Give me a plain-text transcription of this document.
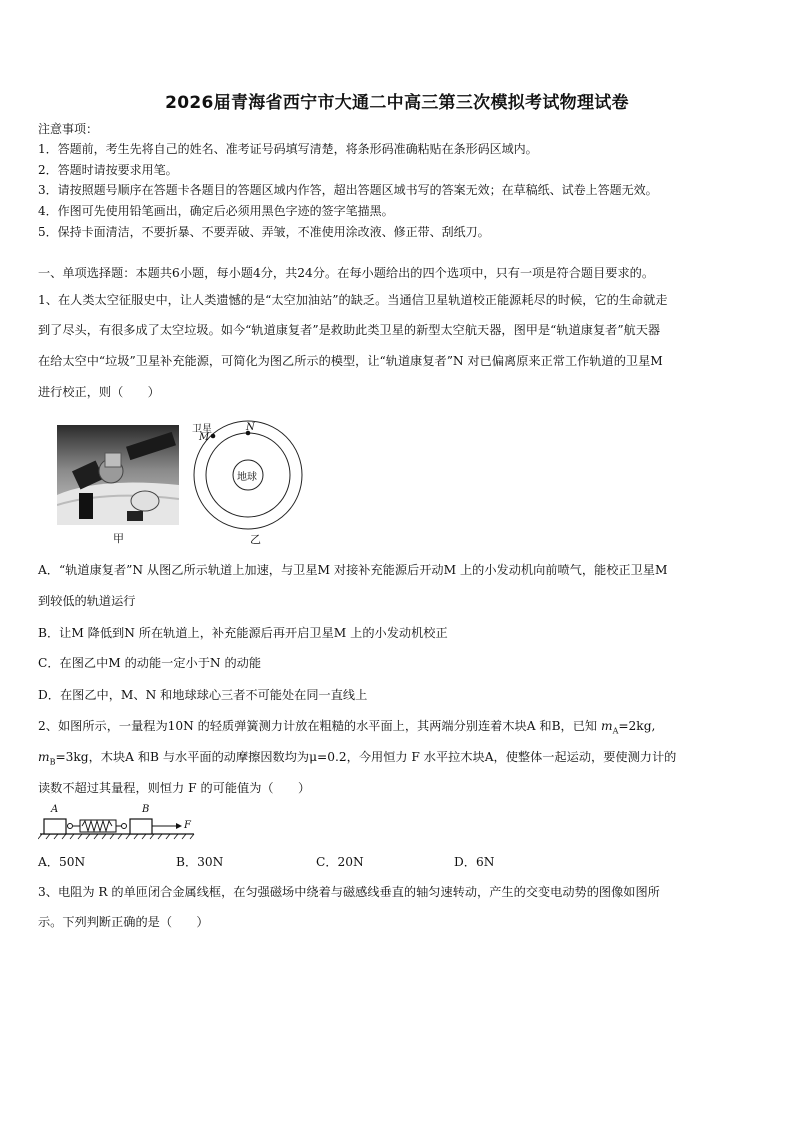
2026届青海省西宁市大通二中高三第三次模拟考试物理试卷
注意事项：
1．答题前，考生先将自己的姓名、准考证号码填写清楚，将条形码准确粘贴在条形码区域内。
2．答题时请按要求用笔。
3．请按照题号顺序在答题卡各题目的答题区域内作答，超出答题区域书写的答案无效；在草稿纸、试卷上答题无效。
4．作图可先使用铅笔画出，确定后必须用黑色字迹的签字笔描黑。
5．保持卡面清洁，不要折暴、不要弄破、弄皱，不准使用涂改液、修正带、刮纸刀。
一、单项选择题：本题共6小题，每小题4分，共24分。在每小题给出的四个选项中，只有一项是符合题目要求的。
1、在人类太空征服史中，让人类遗憾的是“太空加油站”的缺乏。当通信卫星轨道校正能源耗尽的时候，它的生命就走
到了尽头，有很多成了太空垃圾。如今“轨道康复者”是救助此类卫星的新型太空航天器，图甲是“轨道康复者”航天器
在给太空中“垃圾”卫星补充能源，可简化为图乙所示的模型，让“轨道康复者”N 对已偏离原来正常工作轨道的卫星M
进行校正，则（　　）
甲
卫星
M
N
地球
乙
A．“轨道康复者”N 从图乙所示轨道上加速，与卫星M 对接补充能源后开动M 上的小发动机向前喷气，能校正卫星M
到较低的轨道运行
B．让M 降低到N 所在轨道上，补充能源后再开启卫星M 上的小发动机校正
C．在图乙中M 的动能一定小于N 的动能
D．在图乙中，M、N 和地球球心三者不可能处在同一直线上
2、如图所示，一量程为10N 的轻质弹簧测力计放在粗糙的水平面上，其两端分别连着木块A 和B，已知 $m_A=2kg$,
$m_B=3kg$，木块A 和B 与水平面的动摩擦因数均为μ=0.2，今用恒力 F 水平拉木块A，使整体一起运动，要使测力计的
读数不超过其量程，则恒力 F 的可能值为（　　）
A	B
F
A．50N	B．30N	C．20N	D．6N
3、电阻为 R 的单匝闭合金属线框，在匀强磁场中绕着与磁感线垂直的轴匀速转动，产生的交变电动势的图像如图所
示。下列判断正确的是（　　）
